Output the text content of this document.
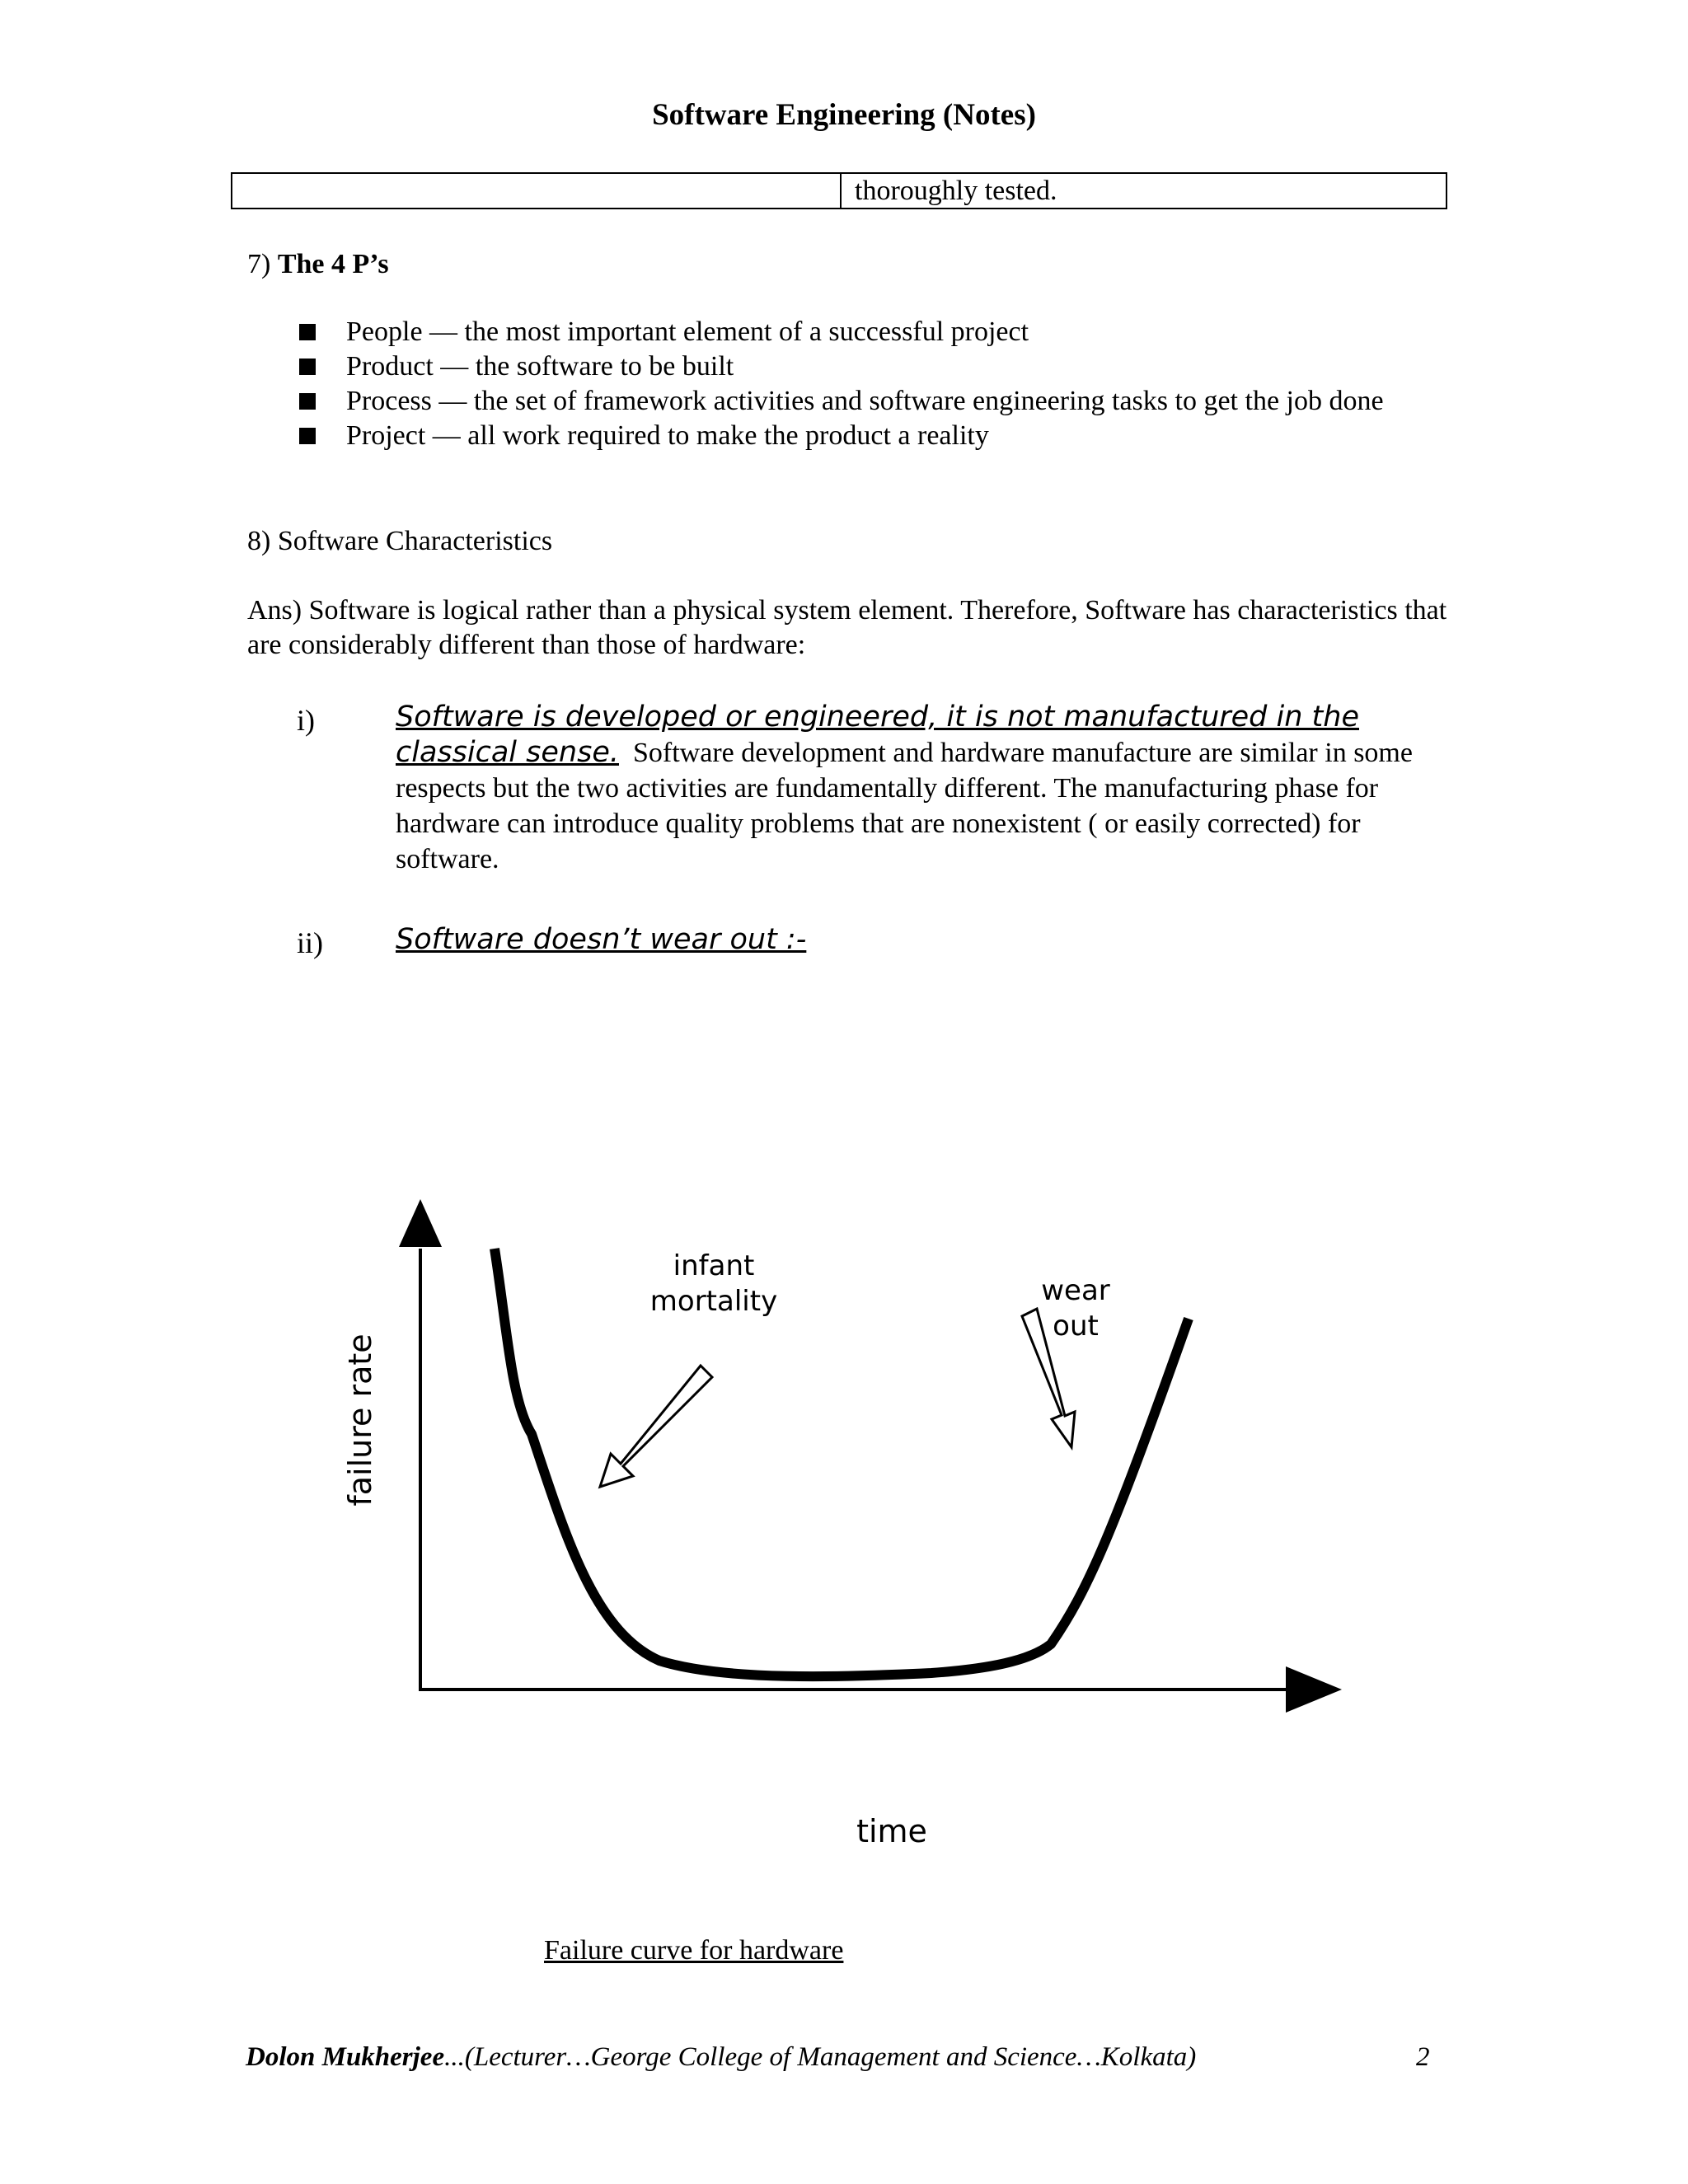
Software Engineering (Notes)
thoroughly tested.
7) The 4 P’s
People — the most important element of a successful project
Product — the software to be built
Process — the set of framework activities and software engineering tasks to get the job done
Project — all work required to make the product a reality
8) Software Characteristics
Ans) Software is logical rather than a physical system element. Therefore, Software has characteristics that are considerably different than those of hardware:
i)	Software is developed or engineered, it is not manufactured in the classical sense. Software development and hardware manufacture are similar in some respects but the two activities are fundamentally different. The manufacturing phase for hardware can introduce quality problems that are nonexistent ( or easily corrected) for software.
ii)	Software doesn’t wear out :-
infant
mortality	wear
out
failure rate
time
Failure curve for hardware
Dolon Mukherjee...(Lecturer…George College of Management and Science…Kolkata)	2
